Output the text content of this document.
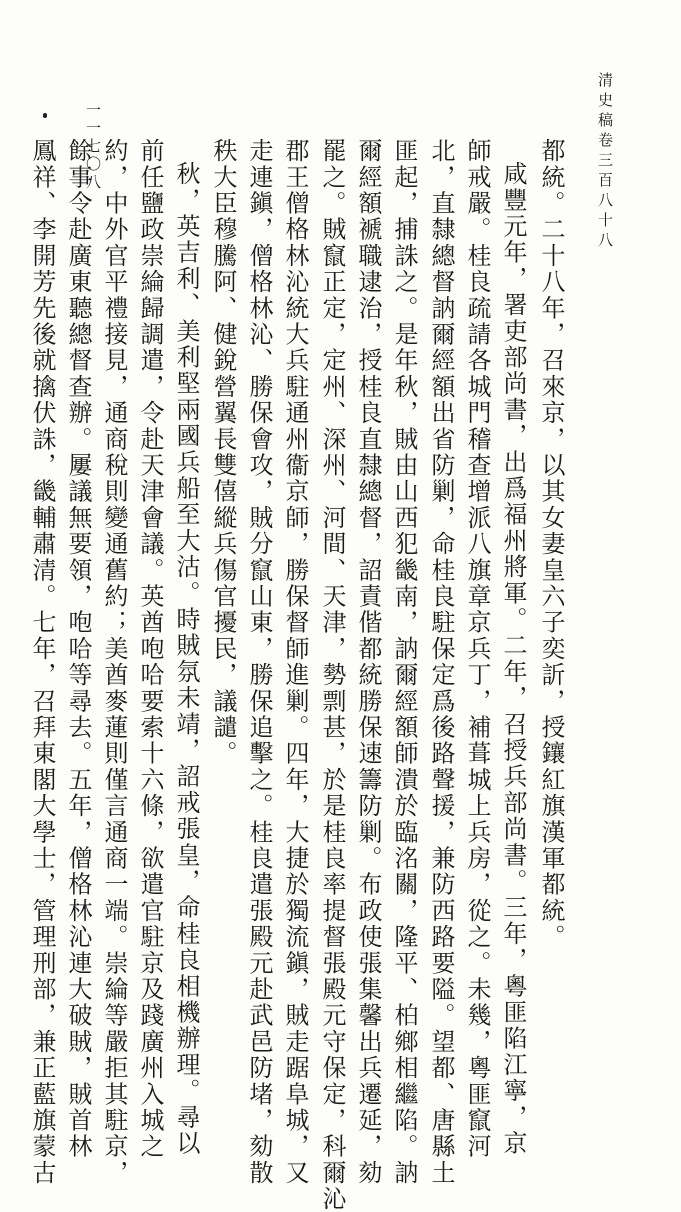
清史稿卷三百八十八
一一七〇八	都統。二十八年，召來京，以其女妻皇六子奕訢，授鑲紅旗漢軍都統。
咸豐元年，署吏部尚書，出爲福州將軍。二年，召授兵部尚書。三年，粵匪陷江寧，京
師戒嚴。桂良疏請各城門稽查增派八旗章京兵丁，補葺城上兵房，從之。未幾，粵匪竄河
北，直隸總督訥爾經額出省防剿，命桂良駐保定爲後路聲援，兼防西路要隘。望都、唐縣土
匪起，捕誅之。是年秋，賊由山西犯畿南，訥爾經額師潰於臨洺關，隆平、柏鄉相繼陷。訥
爾經額褫職逮治，授桂良直隸總督，詔責偕都統勝保速籌防剿。布政使張集馨出兵遷延，劾
罷之。賊竄正定，定州、深州、河間、天津，勢剽甚，於是桂良率提督張殿元守保定，科爾沁
郡王僧格林沁統大兵駐通州衞京師，勝保督師進剿。四年，大捷於獨流鎭，賊走踞阜城，又
走連鎭，僧格林沁、勝保會攻，賊分竄山東，勝保追擊之。桂良遣張殿元赴武邑防堵，劾散
秩大臣穆騰阿、健銳營翼長雙僖縱兵傷官擾民，議譴。
秋，英吉利、美利堅兩國兵船至大沽。時賊氛未靖，詔戒張皇，命桂良相機辦理。尋以
前任鹽政崇綸歸調遣，令赴天津會議。英酋咆哈要索十六條，欲遣官駐京及踐廣州入城之
約，中外官平禮接見，通商稅則變通舊約；美酋麥蓮則僅言通商一端。崇綸等嚴拒其駐京，
餘事令赴廣東聽總督查辦。屢議無要領，咆哈等尋去。五年，僧格林沁連大破賊，賊首林
鳳祥、李開芳先後就擒伏誅，畿輔肅清。七年，召拜東閣大學士，管理刑部，兼正藍旗蒙古
